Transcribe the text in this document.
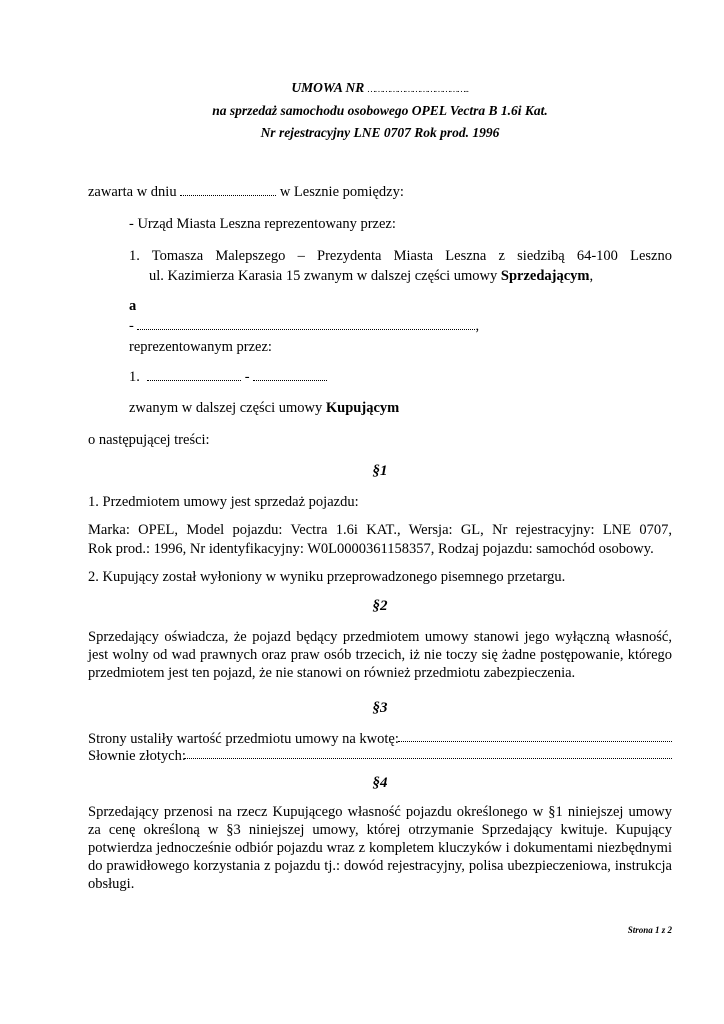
UMOWA NR …………………………………..

na sprzedaż samochodu osobowego OPEL Vectra B 1.6i Kat.

Nr rejestracyjny LNE 0707 Rok prod. 1996

zawarta w dniu	w Lesznie pomiędzy:

- Urząd Miasta Leszna reprezentowany przez:

1. Tomasza Malepszego – Prezydenta Miasta Leszna z siedzibą 64-100 Leszno

ul. Kazimierza Karasia 15 zwanym w dalszej części umowy Sprzedającym,

a

-	,

reprezentowanym przez:

1.	-

zwanym w dalszej części umowy Kupującym

o następującej treści:

§1

1. Przedmiotem umowy jest sprzedaż pojazdu:

Marka: OPEL, Model pojazdu: Vectra 1.6i KAT., Wersja: GL, Nr rejestracyjny: LNE 0707,

Rok prod.: 1996, Nr identyfikacyjny: W0L0000361158357, Rodzaj pojazdu: samochód osobowy.

2. Kupujący został wyłoniony w wyniku przeprowadzonego pisemnego przetargu.

§2

Sprzedający oświadcza, że pojazd będący przedmiotem umowy stanowi jego wyłączną własność,

jest wolny od wad prawnych oraz praw osób trzecich, iż nie toczy się żadne postępowanie, którego

przedmiotem jest ten pojazd, że nie stanowi on również przedmiotu zabezpieczenia.

§3

Strony ustaliły wartość przedmiotu umowy na kwotę:

Słownie złotych:

§4

Sprzedający przenosi na rzecz Kupującego własność pojazdu określonego w §1 niniejszej umowy

za cenę określoną w §3 niniejszej umowy, której otrzymanie Sprzedający kwituje. Kupujący

potwierdza jednocześnie odbiór pojazdu wraz z kompletem kluczyków i dokumentami niezbędnymi

do prawidłowego korzystania z pojazdu tj.: dowód rejestracyjny, polisa ubezpieczeniowa, instrukcja

obsługi.

Strona 1 z 2
